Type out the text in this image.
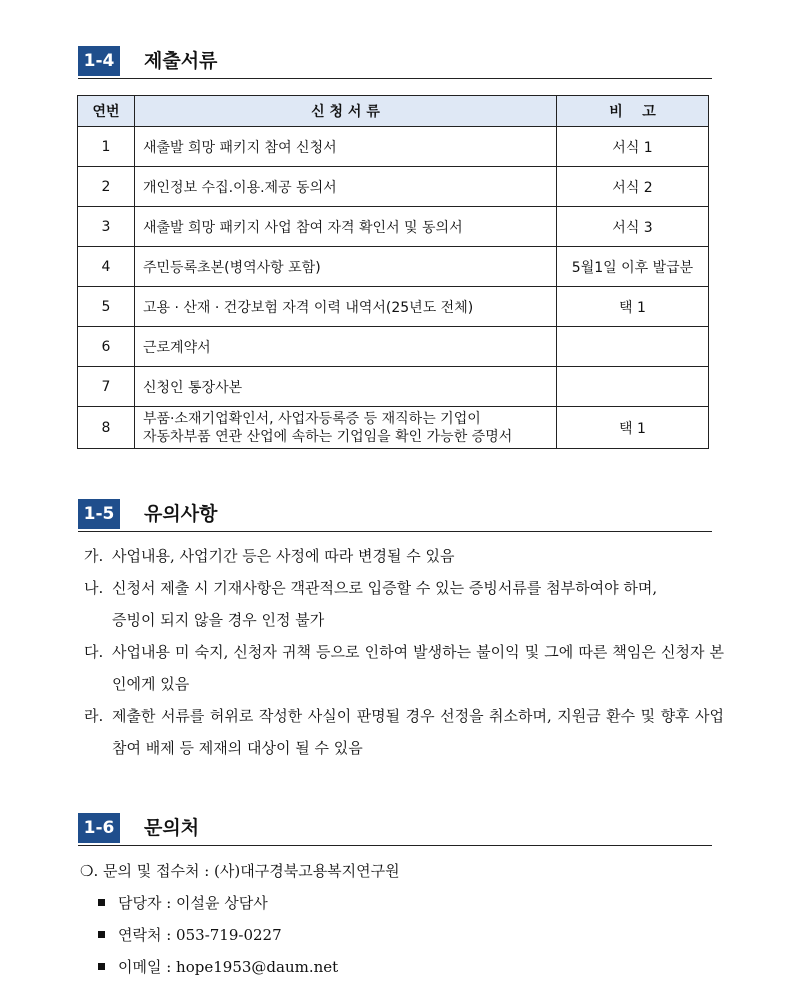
1-4 제출서류
연번	신 청 서 류	비    고
1	새출발 희망 패키지 참여 신청서	서식 1
2	개인정보 수집.이용.제공 동의서	서식 2
3	새출발 희망 패키지 사업 참여 자격 확인서 및 동의서	서식 3
4	주민등록초본(병역사항 포함)	5월1일 이후 발급분
5	고용 · 산재 · 건강보험 자격 이력 내역서(25년도 전체)	택 1
6	근로계약서	
7	신청인 통장사본	
8	부품·소재기업확인서, 사업자등록증 등 재직하는 기업이
자동차부품 연관 산업에 속하는 기업임을 확인 가능한 증명서	택 1
1-5 유의사항
가. 사업내용, 사업기간 등은 사정에 따라 변경될 수 있음
나. 신청서 제출 시 기재사항은 객관적으로 입증할 수 있는 증빙서류를 첨부하여야 하며, 증빙이 되지 않을 경우 인정 불가
다. 사업내용 미 숙지, 신청자 귀책 등으로 인하여 발생하는 불이익 및 그에 따른 책임은 신청자 본인에게 있음
라. 제출한 서류를 허위로 작성한 사실이 판명될 경우 선정을 취소하며, 지원금 환수 및 향후 사업 참여 배제 등 제재의 대상이 될 수 있음
1-6 문의처
❍. 문의 및 접수처 : (사)대구경북고용복지연구원
담당자 : 이설윤 상담사
연락처 : 053-719-0227
이메일 : hope1953@daum.net
